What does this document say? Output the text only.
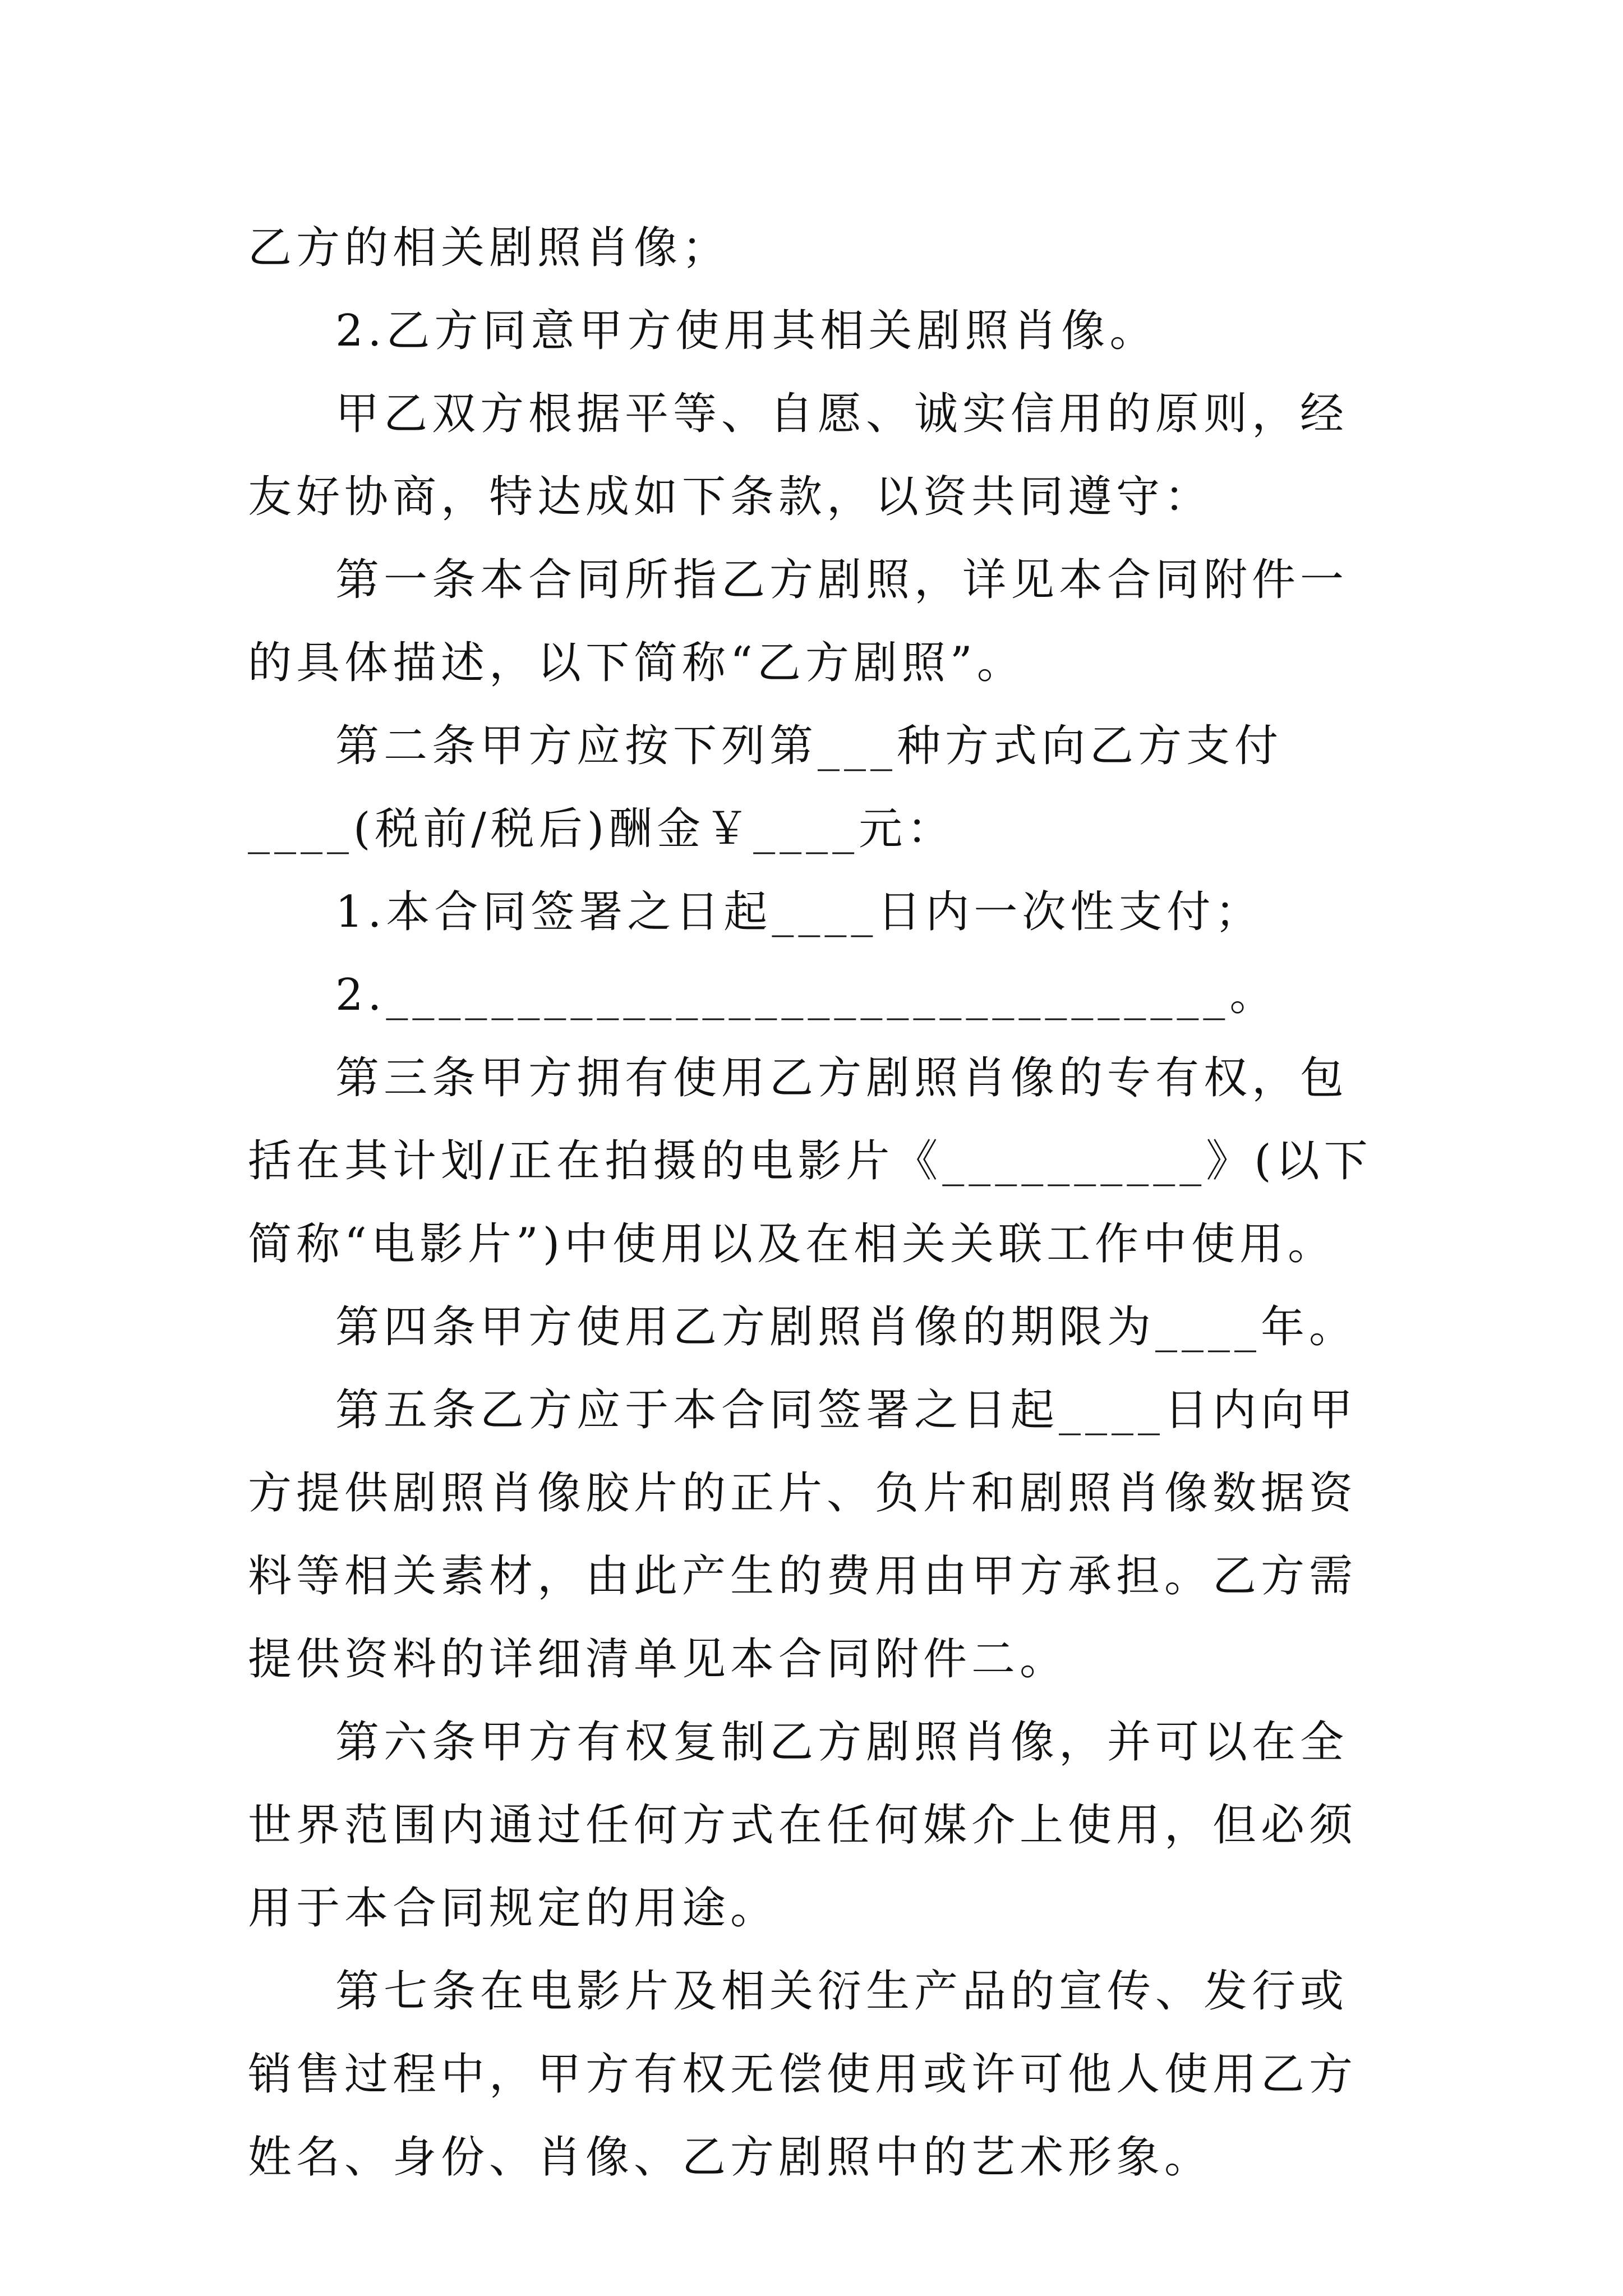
乙方的相关剧照肖像；

2.乙方同意甲方使用其相关剧照肖像。

甲乙双方根据平等、自愿、诚实信用的原则，经友好协商，特达成如下条款，以资共同遵守：

第一条本合同所指乙方剧照，详见本合同附件一的具体描述，以下简称“乙方剧照”。

第二条甲方应按下列第___种方式向乙方支付____(税前/税后)酬金￥____元：

1.本合同签署之日起____日内一次性支付；

2.________________________________。

第三条甲方拥有使用乙方剧照肖像的专有权，包括在其计划/正在拍摄的电影片《__________》(以下简称“电影片”)中使用以及在相关关联工作中使用。

第四条甲方使用乙方剧照肖像的期限为____年。

第五条乙方应于本合同签署之日起____日内向甲方提供剧照肖像胶片的正片、负片和剧照肖像数据资料等相关素材，由此产生的费用由甲方承担。乙方需提供资料的详细清单见本合同附件二。

第六条甲方有权复制乙方剧照肖像，并可以在全世界范围内通过任何方式在任何媒介上使用，但必须用于本合同规定的用途。

第七条在电影片及相关衍生产品的宣传、发行或销售过程中，甲方有权无偿使用或许可他人使用乙方姓名、身份、肖像、乙方剧照中的艺术形象。
